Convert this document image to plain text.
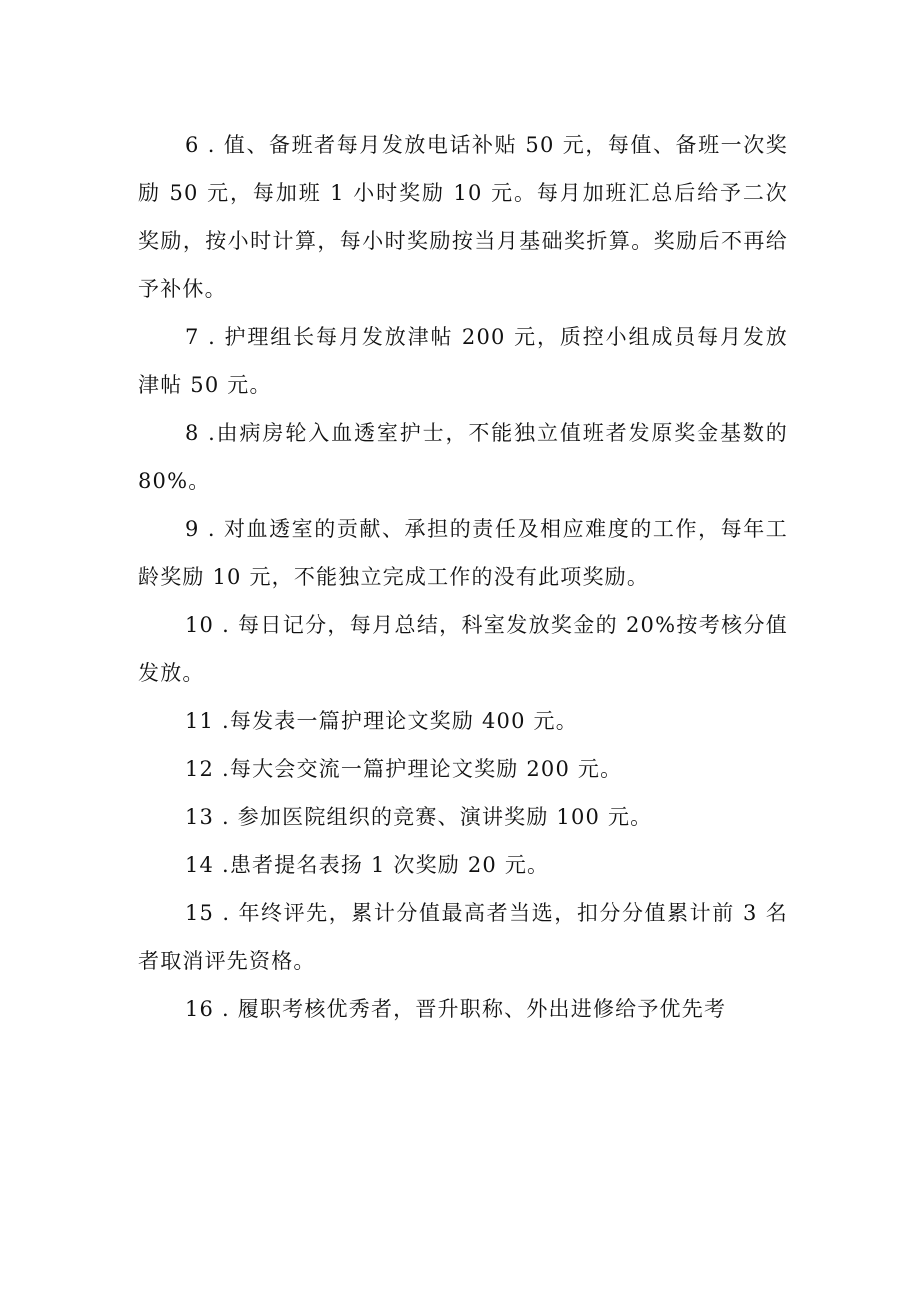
6 . 值、备班者每月发放电话补贴 50 元，每值、备班一次奖励 50 元，每加班 1 小时奖励 10 元。每月加班汇总后给予二次奖励，按小时计算，每小时奖励按当月基础奖折算。奖励后不再给予补休。

7 . 护理组长每月发放津帖 200 元，质控小组成员每月发放津帖 50 元。

8 .由病房轮入血透室护士，不能独立值班者发原奖金基数的 80%。

9 . 对血透室的贡献、承担的责任及相应难度的工作，每年工龄奖励 10 元，不能独立完成工作的没有此项奖励。

10 . 每日记分，每月总结，科室发放奖金的 20%按考核分值发放。

11 .每发表一篇护理论文奖励 400 元。

12 .每大会交流一篇护理论文奖励 200 元。

13 . 参加医院组织的竞赛、演讲奖励 100 元。

14 .患者提名表扬 1 次奖励 20 元。

15 . 年终评先，累计分值最高者当选，扣分分值累计前 3 名者取消评先资格。

16 . 履职考核优秀者，晋升职称、外出进修给予优先考
